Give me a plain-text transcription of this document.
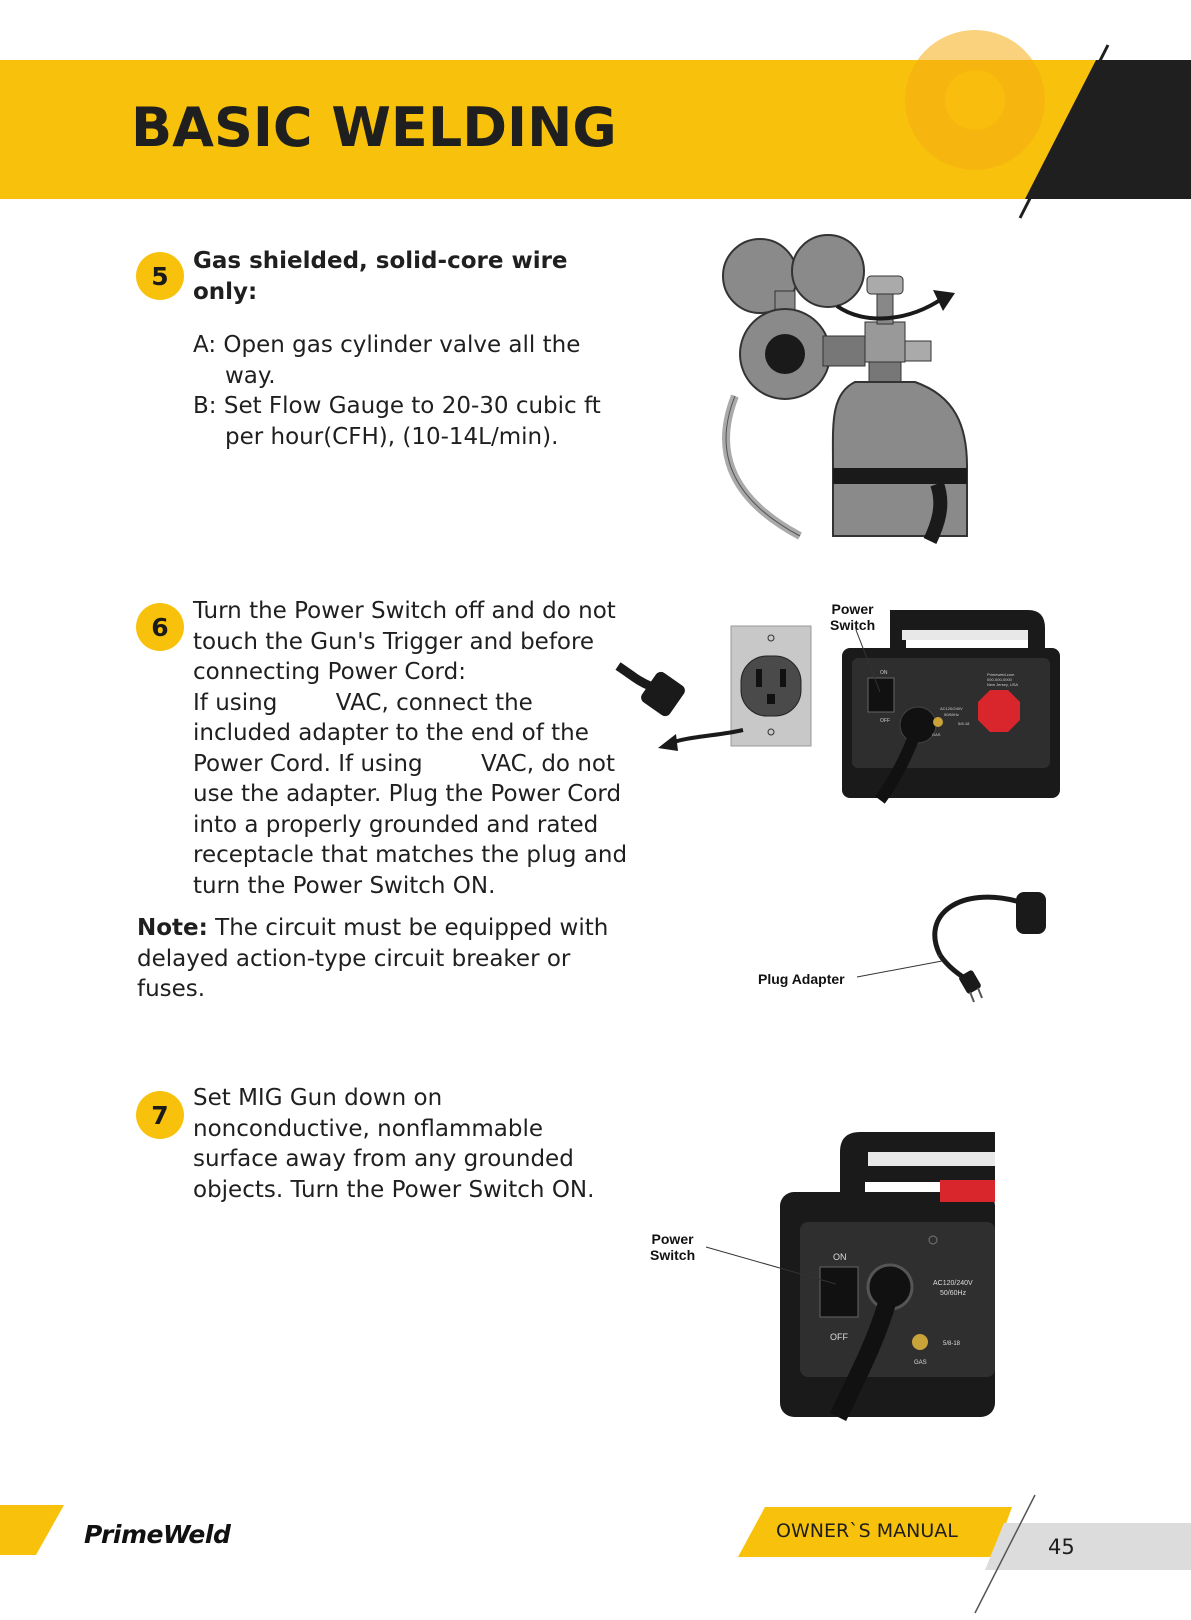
BASIC WELDING
5
Gas shielded, solid-core wire
only:
A: Open gas cylinder valve all the
way.
B: Set Flow Gauge to 20-30 cubic ft
per hour(CFH), (10-14L/min).
6
Turn the Power Switch off and do not
touch the Gun's Trigger and before
connecting Power Cord:
If using        VAC, connect the
included adapter to the end of the
Power Cord. If using        VAC, do not
use the adapter. Plug the Power Cord
into a properly grounded and rated
receptacle that matches the plug and
turn the Power Switch ON.
Note: The circuit must be equipped with
delayed action-type circuit breaker or
fuses.
ON
OFF
AC120/240V
50/60Hz
5/8-18
GAS
Primeweld.com
000-000-0000
New Jersey, USA
Power
Switch
Plug Adapter
7
Set MIG Gun down on
nonconductive, nonflammable
surface away from any grounded
objects. Turn the Power Switch ON.
ON
OFF
AC120/240V
50/60Hz
5/8-18
GAS
Power
Switch
PrimeWeld	OWNER`S MANUAL
45
